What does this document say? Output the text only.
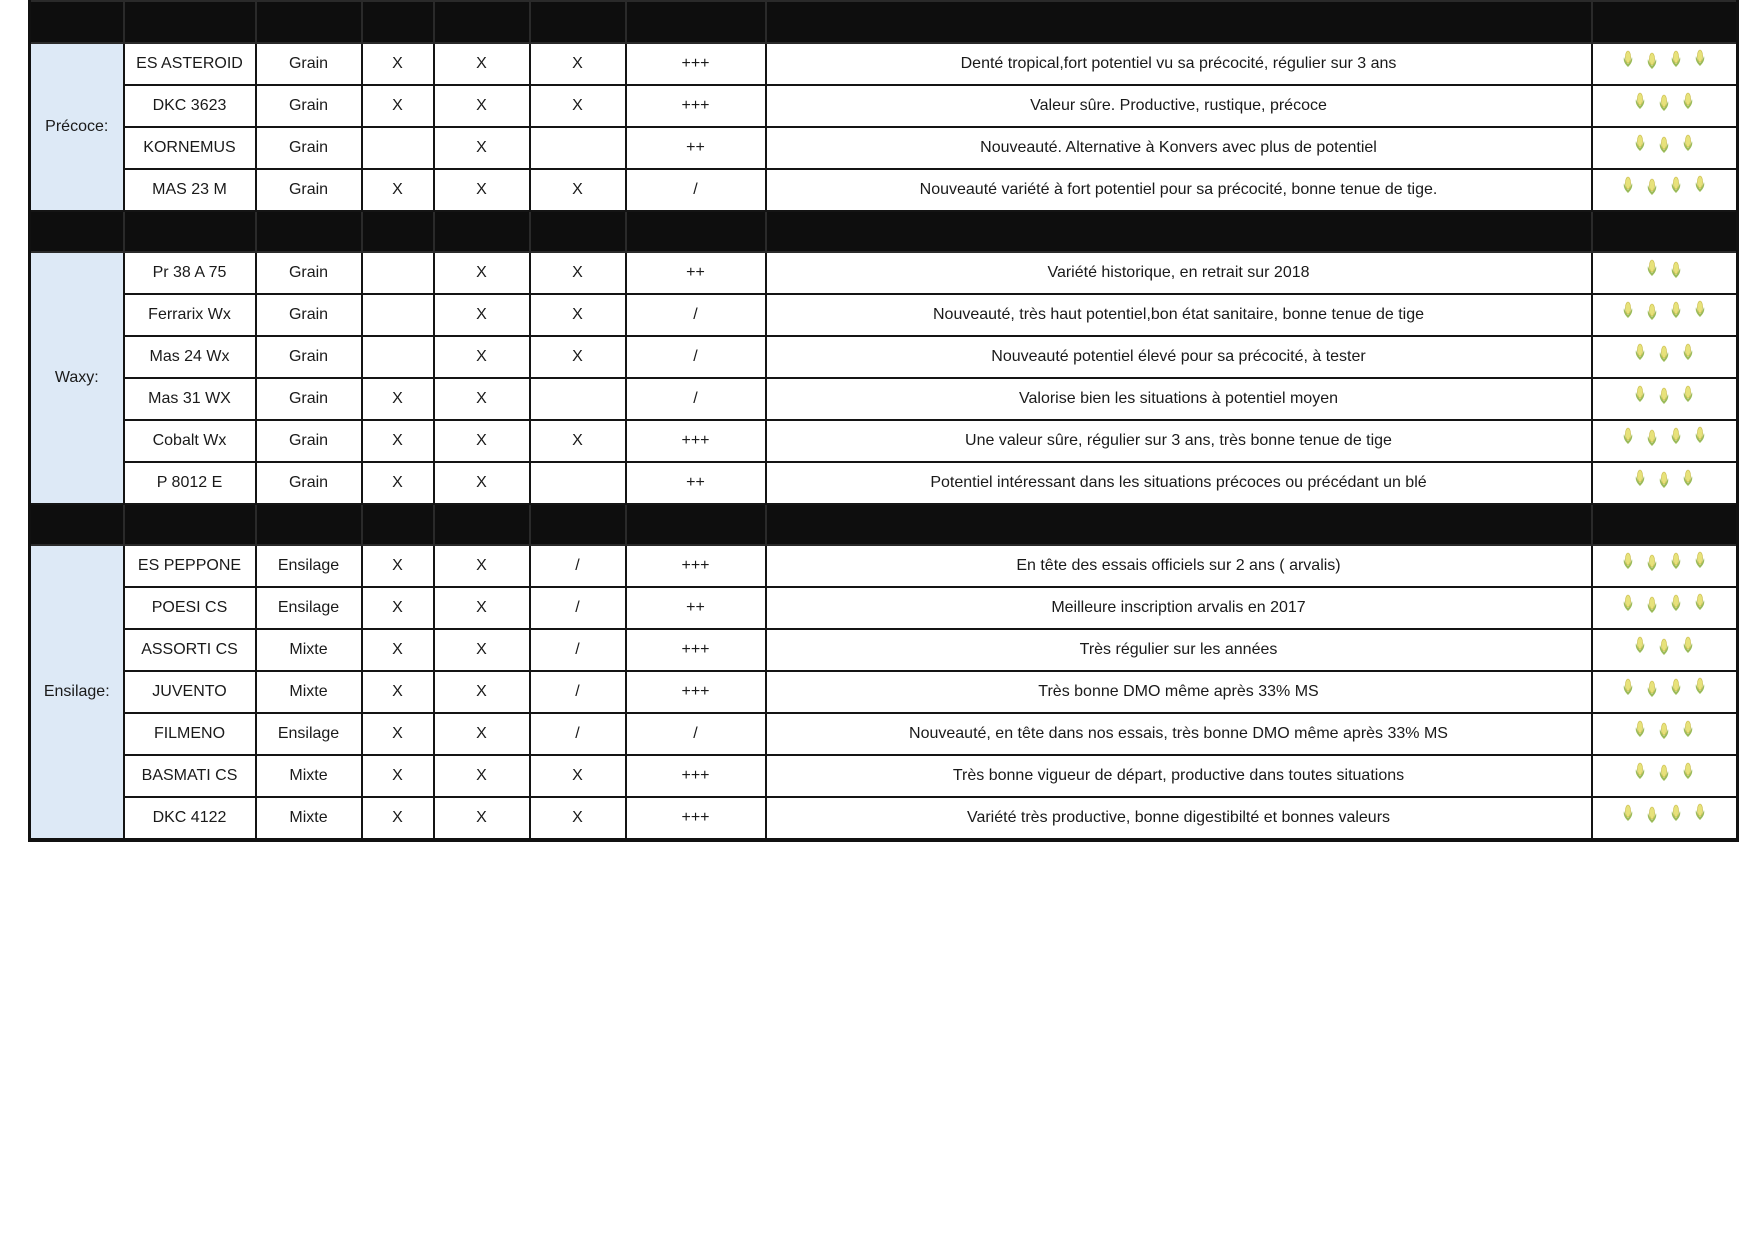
Précoce:	ES ASTEROID	Grain	X	X	X	+++	Denté tropical,fort potentiel vu sa précocité, régulier sur 3 ans	

	DKC 3623	Grain	X	X	X	+++	Valeur sûre. Productive, rustique, précoce	

	KORNEMUS	Grain		X		++	Nouveauté. Alternative à Konvers avec plus de potentiel	

	MAS 23 M	Grain	X	X	X	/	Nouveauté variété à fort potentiel pour sa précocité, bonne tenue de tige.	

Waxy:	Pr 38 A 75	Grain		X	X	++	Variété historique, en retrait sur 2018	

	Ferrarix Wx	Grain		X	X	/	Nouveauté, très haut potentiel,bon état sanitaire, bonne tenue de tige	

	Mas 24 Wx	Grain		X	X	/	Nouveauté potentiel élevé pour sa précocité, à tester	

	Mas 31 WX	Grain	X	X		/	Valorise bien les situations à potentiel moyen	

	Cobalt Wx	Grain	X	X	X	+++	Une valeur sûre, régulier sur 3 ans, très bonne tenue de tige	

	P 8012 E	Grain	X	X		++	Potentiel intéressant dans les situations précoces ou précédant un blé	

Ensilage:	ES PEPPONE	Ensilage	X	X	/	+++	En tête des essais officiels sur 2 ans ( arvalis)	

	POESI CS	Ensilage	X	X	/	++	Meilleure inscription arvalis en 2017	

	ASSORTI CS	Mixte	X	X	/	+++	Très régulier sur les années	

	JUVENTO	Mixte	X	X	/	+++	Très bonne DMO même après 33% MS	

	FILMENO	Ensilage	X	X	/	/	Nouveauté, en tête dans nos essais, très bonne DMO même après 33% MS	

	BASMATI CS	Mixte	X	X	X	+++	Très bonne vigueur de départ, productive dans toutes situations	

	DKC 4122	Mixte	X	X	X	+++	Variété très productive, bonne digestibilté et bonnes valeurs	
